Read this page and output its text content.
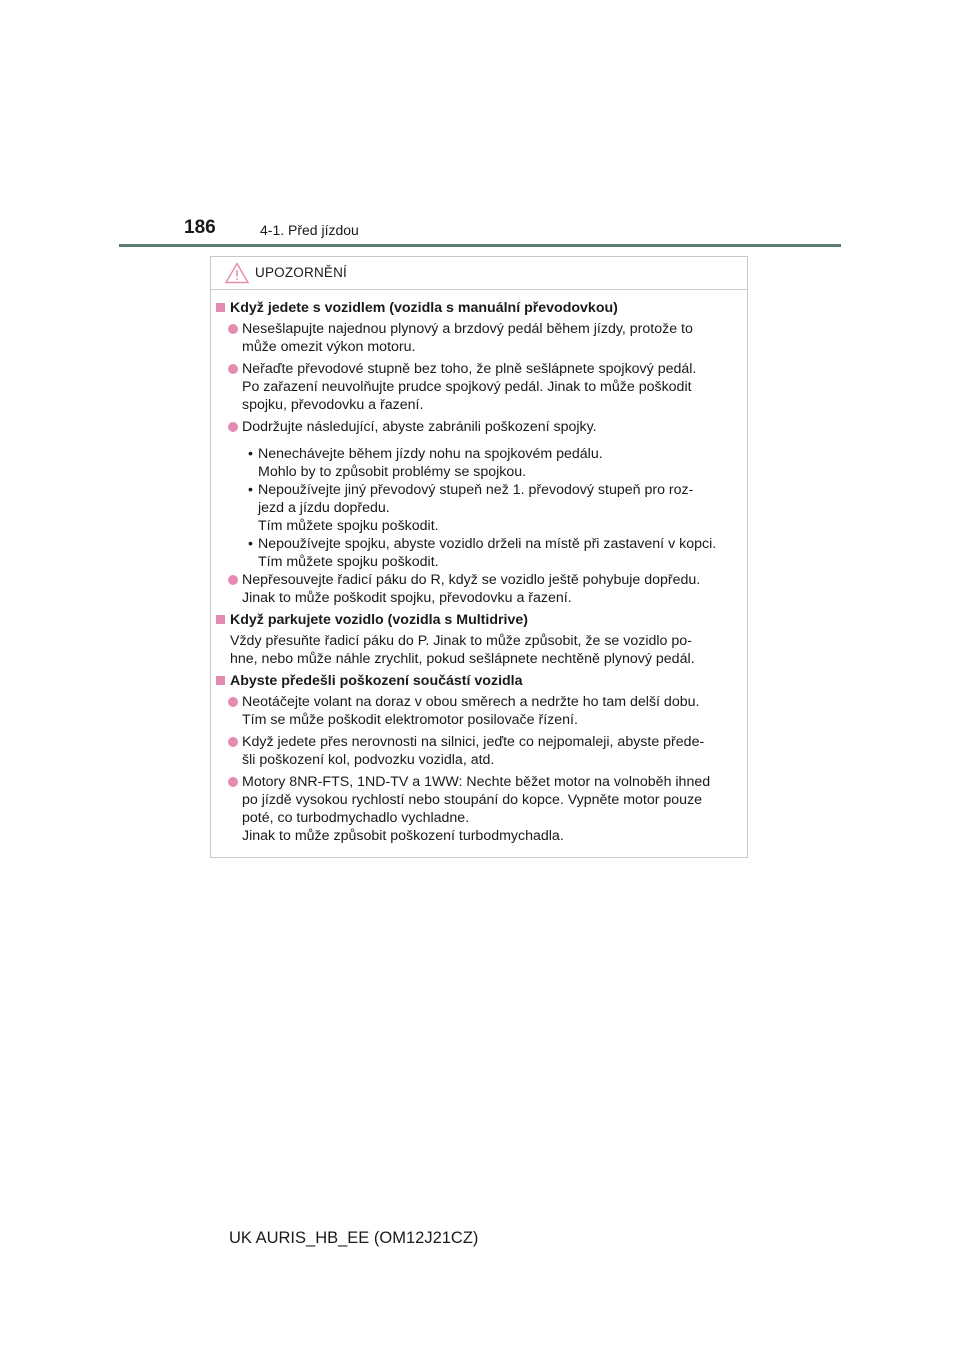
186	4-1. Před jízdou
UPOZORNĚNÍ
Když jedete s vozidlem (vozidla s manuální převodovkou)
Nesešlapujte najednou plynový a brzdový pedál během jízdy, protože to
může omezit výkon motoru.
Neřaďte převodové stupně bez toho, že plně sešlápnete spojkový pedál.
Po zařazení neuvolňujte prudce spojkový pedál. Jinak to může poškodit
spojku, převodovku a řazení.
Dodržujte následující, abyste zabránili poškození spojky.
• Nenechávejte během jízdy nohu na spojkovém pedálu.
Mohlo by to způsobit problémy se spojkou.
• Nepoužívejte jiný převodový stupeň než 1. převodový stupeň pro roz-
jezd a jízdu dopředu.
Tím můžete spojku poškodit.
• Nepoužívejte spojku, abyste vozidlo drželi na místě při zastavení v kopci.
Tím můžete spojku poškodit.
Nepřesouvejte řadicí páku do R, když se vozidlo ještě pohybuje dopředu.
Jinak to může poškodit spojku, převodovku a řazení.
Když parkujete vozidlo (vozidla s Multidrive)
Vždy přesuňte řadicí páku do P. Jinak to může způsobit, že se vozidlo po-
hne, nebo může náhle zrychlit, pokud sešlápnete nechtěně plynový pedál.
Abyste předešli poškození součástí vozidla
Neotáčejte volant na doraz v obou směrech a nedržte ho tam delší dobu.
Tím se může poškodit elektromotor posilovače řízení.
Když jedete přes nerovnosti na silnici, jeďte co nejpomaleji, abyste přede-
šli poškození kol, podvozku vozidla, atd.
Motory 8NR-FTS, 1ND-TV a 1WW: Nechte běžet motor na volnoběh ihned
po jízdě vysokou rychlostí nebo stoupání do kopce. Vypněte motor pouze
poté, co turbodmychadlo vychladne.
Jinak to může způsobit poškození turbodmychadla.
UK AURIS_HB_EE (OM12J21CZ)
